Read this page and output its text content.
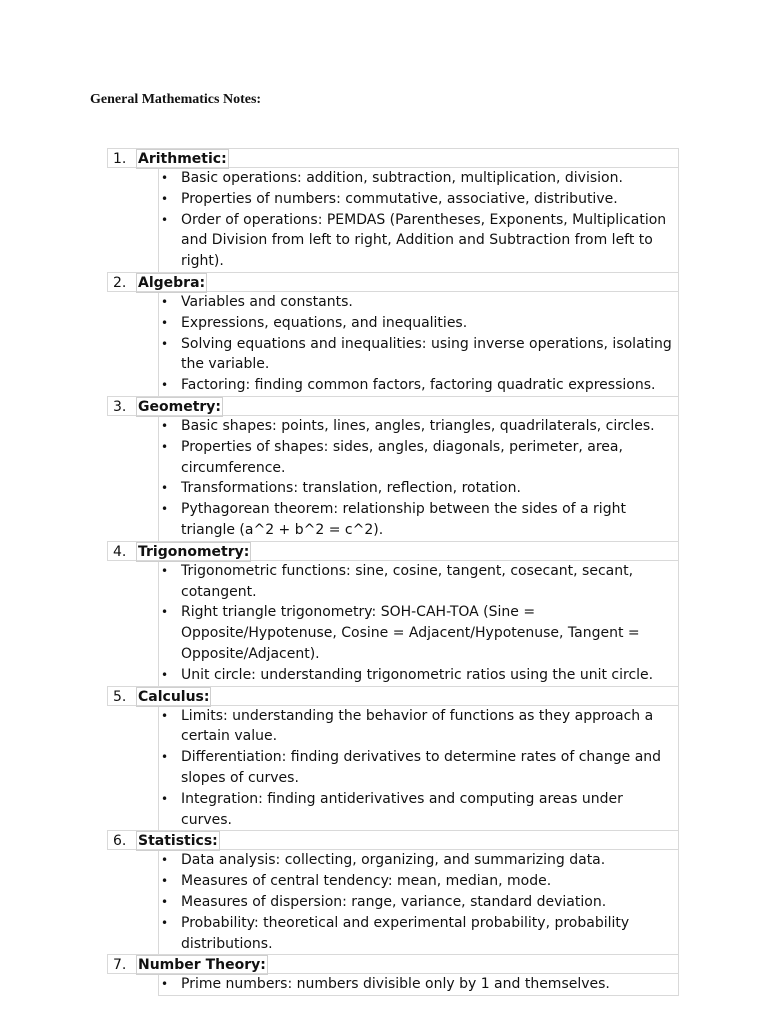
General Mathematics Notes:
1. Arithmetic:
• Basic operations: addition, subtraction, multiplication, division.
• Properties of numbers: commutative, associative, distributive.
• Order of operations: PEMDAS (Parentheses, Exponents, Multiplication and Division from left to right, Addition and Subtraction from left to right).
2. Algebra:
• Variables and constants.
• Expressions, equations, and inequalities.
• Solving equations and inequalities: using inverse operations, isolating the variable.
• Factoring: finding common factors, factoring quadratic expressions.
3. Geometry:
• Basic shapes: points, lines, angles, triangles, quadrilaterals, circles.
• Properties of shapes: sides, angles, diagonals, perimeter, area, circumference.
• Transformations: translation, reflection, rotation.
• Pythagorean theorem: relationship between the sides of a right triangle (a^2 + b^2 = c^2).
4. Trigonometry:
• Trigonometric functions: sine, cosine, tangent, cosecant, secant, cotangent.
• Right triangle trigonometry: SOH-CAH-TOA (Sine = Opposite/Hypotenuse, Cosine = Adjacent/Hypotenuse, Tangent = Opposite/Adjacent).
• Unit circle: understanding trigonometric ratios using the unit circle.
5. Calculus:
• Limits: understanding the behavior of functions as they approach a certain value.
• Differentiation: finding derivatives to determine rates of change and slopes of curves.
• Integration: finding antiderivatives and computing areas under curves.
6. Statistics:
• Data analysis: collecting, organizing, and summarizing data.
• Measures of central tendency: mean, median, mode.
• Measures of dispersion: range, variance, standard deviation.
• Probability: theoretical and experimental probability, probability distributions.
7. Number Theory:
• Prime numbers: numbers divisible only by 1 and themselves.
